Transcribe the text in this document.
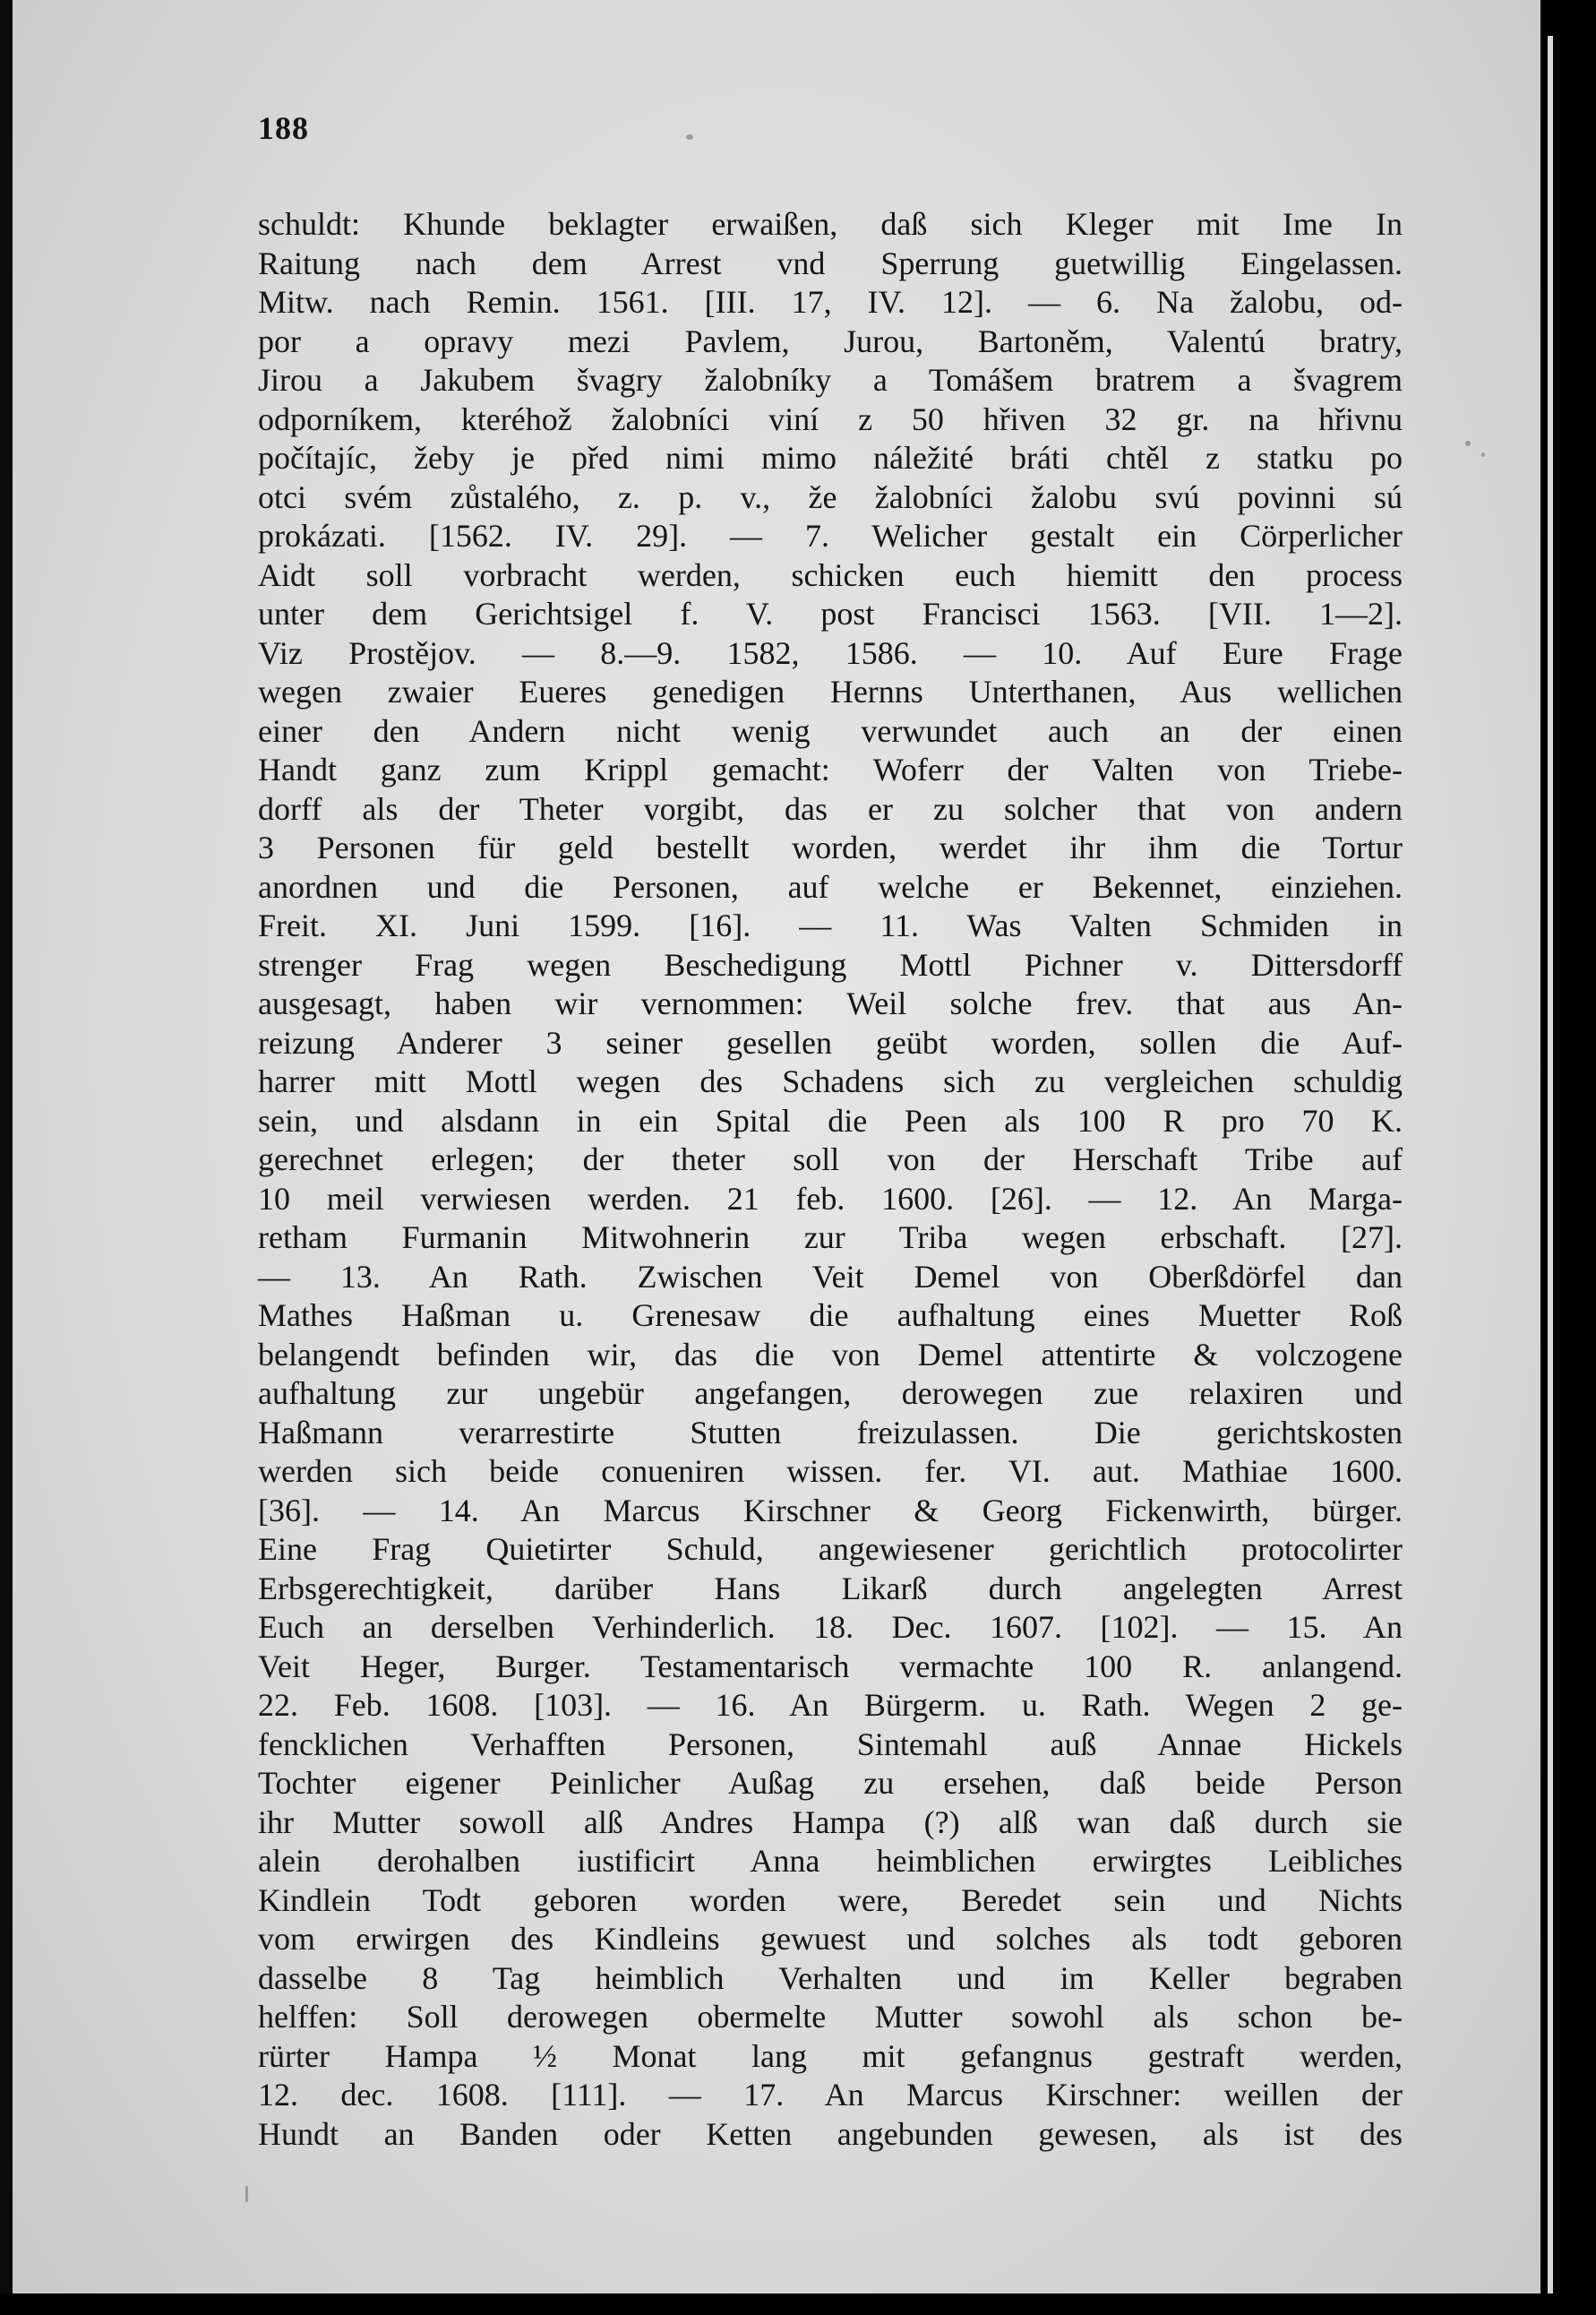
188

schuldt: Khunde beklagter erwaißen, daß sich Kleger mit Ime In
Raitung nach dem Arrest vnd Sperrung guetwillig Eingelassen.
Mitw. nach Remin. 1561. [III. 17, IV. 12]. — 6. Na žalobu, od-
por a opravy mezi Pavlem, Jurou, Bartoněm, Valentú bratry,
Jirou a Jakubem švagry žalobníky a Tomášem bratrem a švagrem
odporníkem, kteréhož žalobníci viní z 50 hřiven 32 gr. na hřivnu
počítajíc, žeby je před nimi mimo náležité bráti chtěl z statku po
otci svém zůstalého, z. p. v., že žalobníci žalobu svú povinni sú
prokázati. [1562. IV. 29]. — 7. Welicher gestalt ein Cörperlicher
Aidt soll vorbracht werden, schicken euch hiemitt den process
unter dem Gerichtsigel f. V. post Francisci 1563. [VII. 1—2].
Viz Prostějov. — 8.—9. 1582, 1586. — 10. Auf Eure Frage
wegen zwaier Eueres genedigen Hernns Unterthanen, Aus wellichen
einer den Andern nicht wenig verwundet auch an der einen
Handt ganz zum Krippl gemacht: Woferr der Valten von Triebe-
dorff als der Theter vorgibt, das er zu solcher that von andern
3 Personen für geld bestellt worden, werdet ihr ihm die Tortur
anordnen und die Personen, auf welche er Bekennet, einziehen.
Freit. XI. Juni 1599. [16]. — 11. Was Valten Schmiden in
strenger Frag wegen Beschedigung Mottl Pichner v. Dittersdorff
ausgesagt, haben wir vernommen: Weil solche frev. that aus An-
reizung Anderer 3 seiner gesellen geübt worden, sollen die Auf-
harrer mitt Mottl wegen des Schadens sich zu vergleichen schuldig
sein, und alsdann in ein Spital die Peen als 100 R pro 70 K.
gerechnet erlegen; der theter soll von der Herschaft Tribe auf
10 meil verwiesen werden. 21 feb. 1600. [26]. — 12. An Marga-
retham Furmanin Mitwohnerin zur Triba wegen erbschaft. [27].
— 13. An Rath. Zwischen Veit Demel von Oberßdörfel dan
Mathes Haßman u. Grenesaw die aufhaltung eines Muetter Roß
belangendt befinden wir, das die von Demel attentirte & volczogene
aufhaltung zur ungebür angefangen, derowegen zue relaxiren und
Haßmann verarrestirte Stutten freizulassen. Die gerichtskosten
werden sich beide conueniren wissen. fer. VI. aut. Mathiae 1600.
[36]. — 14. An Marcus Kirschner & Georg Fickenwirth, bürger.
Eine Frag Quietirter Schuld, angewiesener gerichtlich protocolirter
Erbsgerechtigkeit, darüber Hans Likarß durch angelegten Arrest
Euch an derselben Verhinderlich. 18. Dec. 1607. [102]. — 15. An
Veit Heger, Burger. Testamentarisch vermachte 100 R. anlangend.
22. Feb. 1608. [103]. — 16. An Bürgerm. u. Rath. Wegen 2 ge-
fencklichen Verhafften Personen, Sintemahl auß Annae Hickels
Tochter eigener Peinlicher Außag zu ersehen, daß beide Person
ihr Mutter sowoll alß Andres Hampa (?) alß wan daß durch sie
alein derohalben iustificirt Anna heimblichen erwirgtes Leibliches
Kindlein Todt geboren worden were, Beredet sein und Nichts
vom erwirgen des Kindleins gewuest und solches als todt geboren
dasselbe 8 Tag heimblich Verhalten und im Keller begraben
helffen: Soll derowegen obermelte Mutter sowohl als schon be-
rürter Hampa ½ Monat lang mit gefangnus gestraft werden,
12. dec. 1608. [111]. — 17. An Marcus Kirschner: weillen der
Hundt an Banden oder Ketten angebunden gewesen, als ist des
